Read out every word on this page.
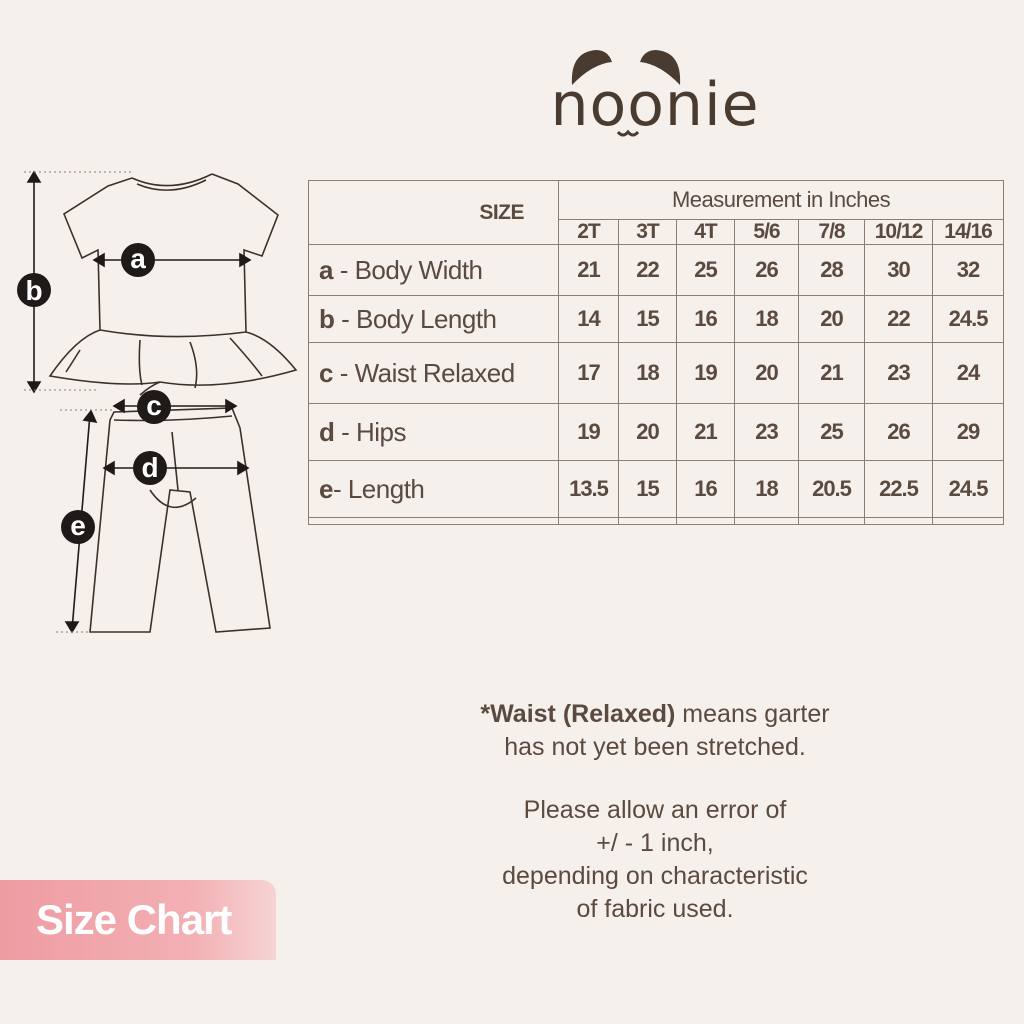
noonie
b
a
c
d
e
SIZE	Measurement in Inches						
	2T	3T	4T	5/6	7/8	10/12	14/16
a - Body Width	21	22	25	26	28	30	32
b - Body Length	14	15	16	18	20	22	24.5
c - Waist Relaxed	17	18	19	20	21	23	24
d - Hips	19	20	21	23	25	26	29
e- Length	13.5	15	16	18	20.5	22.5	24.5

*Waist (Relaxed) means garter
has not yet been stretched.

Please allow an error of
+/ - 1 inch,
depending on characteristic
of fabric used.

Size Chart
